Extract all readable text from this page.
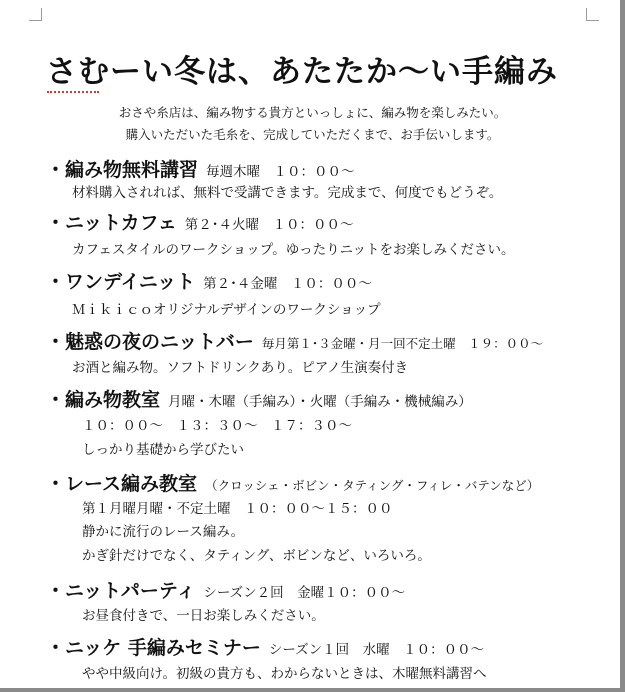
さむーい冬は、あたたか〜い手編み
おさや糸店は、編み物する貴方といっしょに、編み物を楽しみたい。
購入いただいた毛糸を、完成していただくまで、お手伝いします。
・編み物無料講習 毎週木曜　１０：００〜
材料購入されれば、無料で受講できます。完成まで、何度でもどうぞ。
・ニットカフェ 第２･４火曜　１０：００〜
カフェスタイルのワークショップ。ゆったりニットをお楽しみください。
・ワンデイニット 第２･４金曜　１０：００〜
Ｍｉｋｉｃｏオリジナルデザインのワークショップ
・魅惑の夜のニットバー 毎月第１･３金曜・月一回不定土曜　１９：００〜
お酒と編み物。ソフトドリンクあり。ピアノ生演奏付き
・編み物教室 月曜・木曜（手編み）・火曜（手編み・機械編み）
１０：００〜　１３：３０〜　１７：３０〜
しっかり基礎から学びたい
・レース編み教室 （クロッシェ・ボビン・タティング・フィレ・バテンなど）
第１月曜月曜・不定土曜　１０：００〜１５：００
静かに流行のレース編み。
かぎ針だけでなく、タティング、ボビンなど、いろいろ。
・ニットパーティ シーズン２回　金曜１０：００〜
お昼食付きで、一日お楽しみください。
・ニッケ 手編みセミナー シーズン１回　水曜　１０：００〜
やや中級向け。初級の貴方も、わからないときは、木曜無料講習へ
